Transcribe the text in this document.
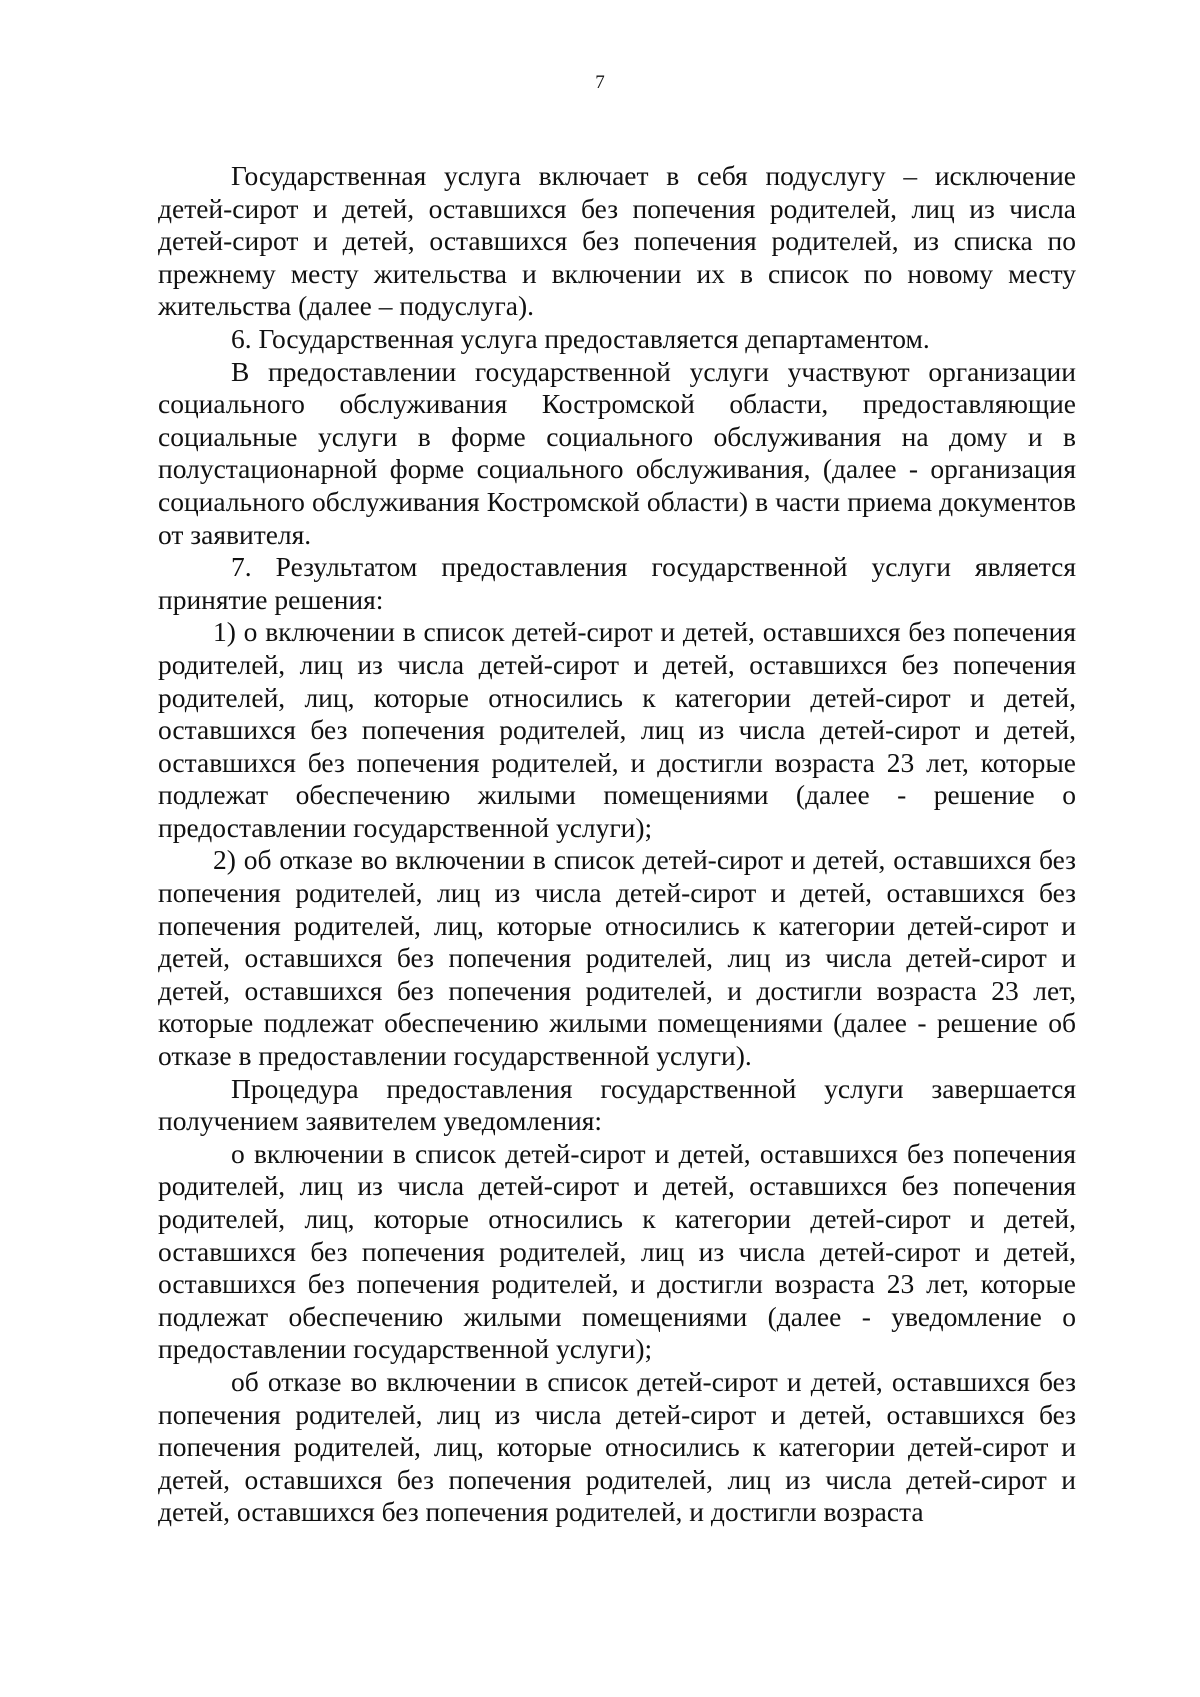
7

Государственная услуга включает в себя подуслугу – исключение детей-сирот и детей, оставшихся без попечения родителей, лиц из числа детей-сирот и детей, оставшихся без попечения родителей, из списка по прежнему месту жительства и включении их в список по новому месту жительства (далее – подуслуга).

6. Государственная услуга предоставляется департаментом.

В предоставлении государственной услуги участвуют организации социального обслуживания Костромской области, предоставляющие социальные услуги в форме социального обслуживания на дому и в полустационарной форме социального обслуживания, (далее - организация социального обслуживания Костромской области) в части приема документов от заявителя.

7. Результатом предоставления государственной услуги является принятие решения:

1) о включении в список детей-сирот и детей, оставшихся без попечения родителей, лиц из числа детей-сирот и детей, оставшихся без попечения родителей, лиц, которые относились к категории детей-сирот и детей, оставшихся без попечения родителей, лиц из числа детей-сирот и детей, оставшихся без попечения родителей, и достигли возраста 23 лет, которые подлежат обеспечению жилыми помещениями (далее - решение о предоставлении государственной услуги);

2) об отказе во включении в список детей-сирот и детей, оставшихся без попечения родителей, лиц из числа детей-сирот и детей, оставшихся без попечения родителей, лиц, которые относились к категории детей-сирот и детей, оставшихся без попечения родителей, лиц из числа детей-сирот и детей, оставшихся без попечения родителей, и достигли возраста 23 лет, которые подлежат обеспечению жилыми помещениями (далее - решение об отказе в предоставлении государственной услуги).

Процедура предоставления государственной услуги завершается получением заявителем уведомления:

о включении в список детей-сирот и детей, оставшихся без попечения родителей, лиц из числа детей-сирот и детей, оставшихся без попечения родителей, лиц, которые относились к категории детей-сирот и детей, оставшихся без попечения родителей, лиц из числа детей-сирот и детей, оставшихся без попечения родителей, и достигли возраста 23 лет, которые подлежат обеспечению жилыми помещениями (далее - уведомление о предоставлении государственной услуги);

об отказе во включении в список детей-сирот и детей, оставшихся без попечения родителей, лиц из числа детей-сирот и детей, оставшихся без попечения родителей, лиц, которые относились к категории детей-сирот и детей, оставшихся без попечения родителей, лиц из числа детей-сирот и детей, оставшихся без попечения родителей, и достигли возраста
